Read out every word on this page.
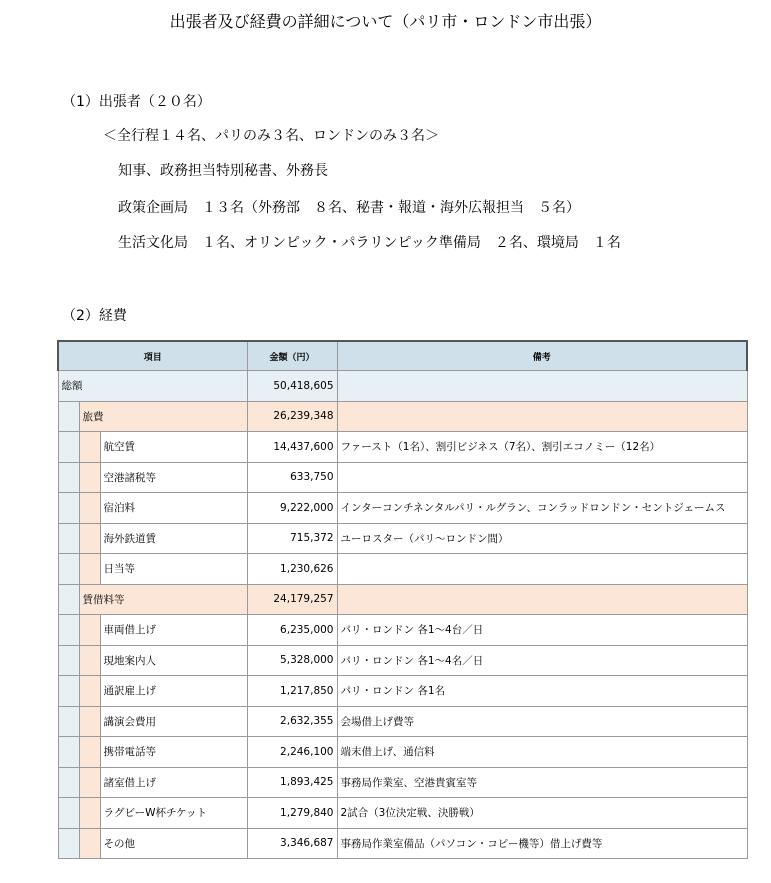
出張者及び経費の詳細について（パリ市・ロンドン市出張）
（1）出張者（２０名）
＜全行程１４名、パリのみ３名、ロンドンのみ３名＞
知事、政務担当特別秘書、外務長
政策企画局　１３名（外務部　８名、秘書・報道・海外広報担当　５名）
生活文化局　１名、オリンピック・パラリンピック準備局　２名、環境局　１名
（2）経費
項目			金額（円）	備考
総額			50,418,605	
	旅費		26,239,348	
		航空賃	14,437,600	ファースト（1名）、割引ビジネス（7名）、割引エコノミー（12名）
		空港諸税等	633,750	
		宿泊料	9,222,000	インターコンチネンタルパリ・ルグラン、コンラッドロンドン・セントジェームス
		海外鉄道賃	715,372	ユーロスター（パリ～ロンドン間）
		日当等	1,230,626	
	賃借料等		24,179,257	
		車両借上げ	6,235,000	パリ・ロンドン 各1～4台／日
		現地案内人	5,328,000	パリ・ロンドン 各1～4名／日
		通訳雇上げ	1,217,850	パリ・ロンドン 各1名
		講演会費用	2,632,355	会場借上げ費等
		携帯電話等	2,246,100	端末借上げ、通信料
		諸室借上げ	1,893,425	事務局作業室、空港貴賓室等
		ラグビーW杯チケット	1,279,840	2試合（3位決定戦、決勝戦）
		その他	3,346,687	事務局作業室備品（パソコン・コピー機等）借上げ費等
